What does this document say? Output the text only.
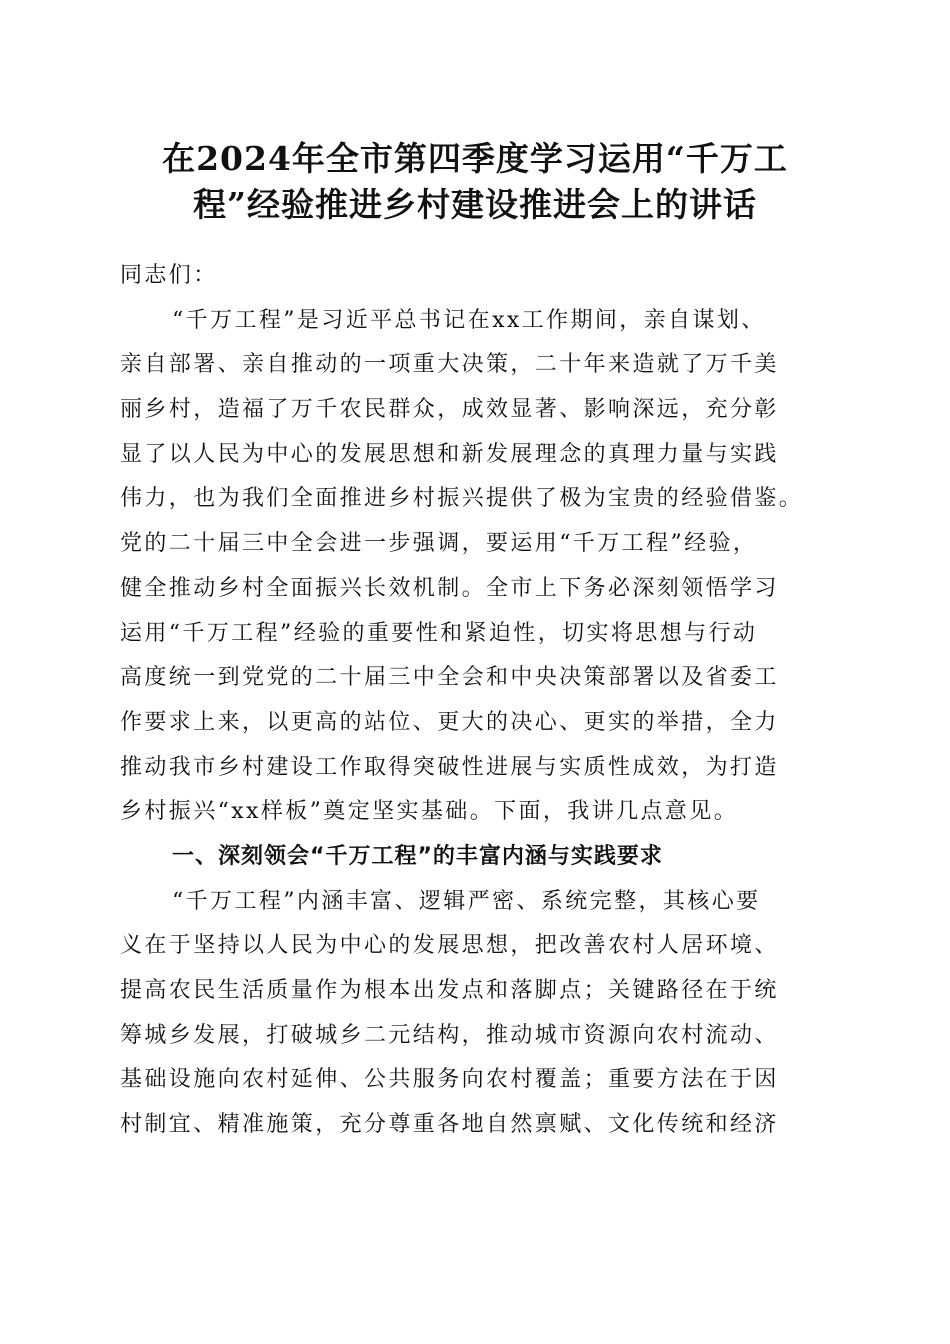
在2024年全市第四季度学习运用“千万工
程”经验推进乡村建设推进会上的讲话
同志们：
“千万工程”是习近平总书记在xx工作期间，亲自谋划、
亲自部署、亲自推动的一项重大决策，二十年来造就了万千美
丽乡村，造福了万千农民群众，成效显著、影响深远，充分彰
显了以人民为中心的发展思想和新发展理念的真理力量与实践
伟力，也为我们全面推进乡村振兴提供了极为宝贵的经验借鉴。
党的二十届三中全会进一步强调，要运用“千万工程”经验，
健全推动乡村全面振兴长效机制。全市上下务必深刻领悟学习
运用“千万工程”经验的重要性和紧迫性，切实将思想与行动
高度统一到党党的二十届三中全会和中央决策部署以及省委工
作要求上来，以更高的站位、更大的决心、更实的举措，全力
推动我市乡村建设工作取得突破性进展与实质性成效，为打造
乡村振兴“xx样板”奠定坚实基础。下面，我讲几点意见。
一、深刻领会“千万工程”的丰富内涵与实践要求
“千万工程”内涵丰富、逻辑严密、系统完整，其核心要
义在于坚持以人民为中心的发展思想，把改善农村人居环境、
提高农民生活质量作为根本出发点和落脚点；关键路径在于统
筹城乡发展，打破城乡二元结构，推动城市资源向农村流动、
基础设施向农村延伸、公共服务向农村覆盖；重要方法在于因
村制宜、精准施策，充分尊重各地自然禀赋、文化传统和经济
